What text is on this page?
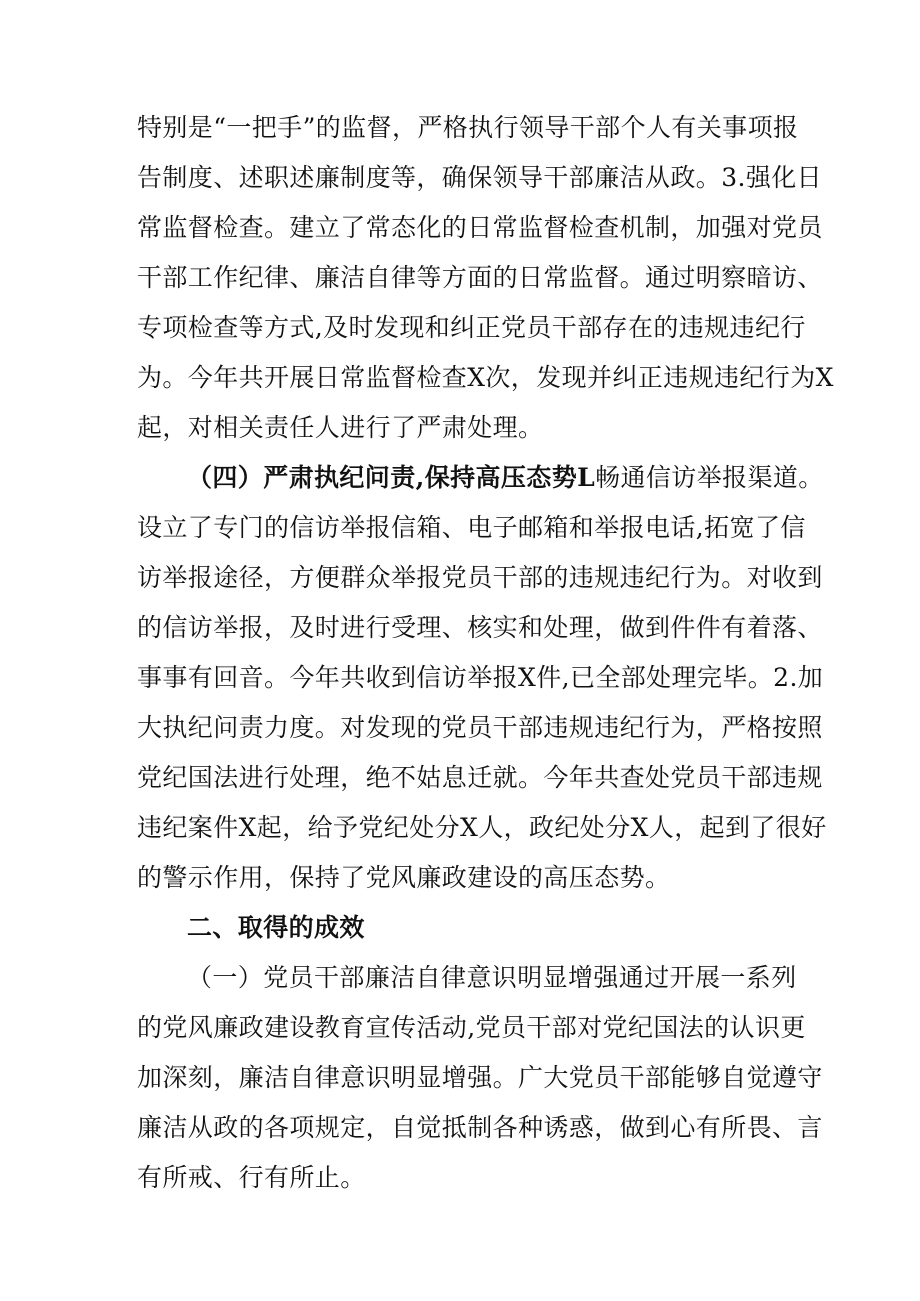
特别是“一把手”的监督，严格执行领导干部个人有关事项报
告制度、述职述廉制度等，确保领导干部廉洁从政。3.强化日
常监督检查。建立了常态化的日常监督检查机制，加强对党员
干部工作纪律、廉洁自律等方面的日常监督。通过明察暗访、
专项检查等方式,及时发现和纠正党员干部存在的违规违纪行
为。今年共开展日常监督检查X次，发现并纠正违规违纪行为X
起，对相关责任人进行了严肃处理。
（四）严肃执纪问责,保持高压态势L畅通信访举报渠道。
设立了专门的信访举报信箱、电子邮箱和举报电话,拓宽了信
访举报途径，方便群众举报党员干部的违规违纪行为。对收到
的信访举报，及时进行受理、核实和处理，做到件件有着落、
事事有回音。今年共收到信访举报X件,已全部处理完毕。2.加
大执纪问责力度。对发现的党员干部违规违纪行为，严格按照
党纪国法进行处理，绝不姑息迁就。今年共查处党员干部违规
违纪案件X起，给予党纪处分X人，政纪处分X人，起到了很好
的警示作用，保持了党风廉政建设的高压态势。
二、取得的成效
（一）党员干部廉洁自律意识明显增强通过开展一系列
的党风廉政建设教育宣传活动,党员干部对党纪国法的认识更
加深刻，廉洁自律意识明显增强。广大党员干部能够自觉遵守
廉洁从政的各项规定，自觉抵制各种诱惑，做到心有所畏、言
有所戒、行有所止。
